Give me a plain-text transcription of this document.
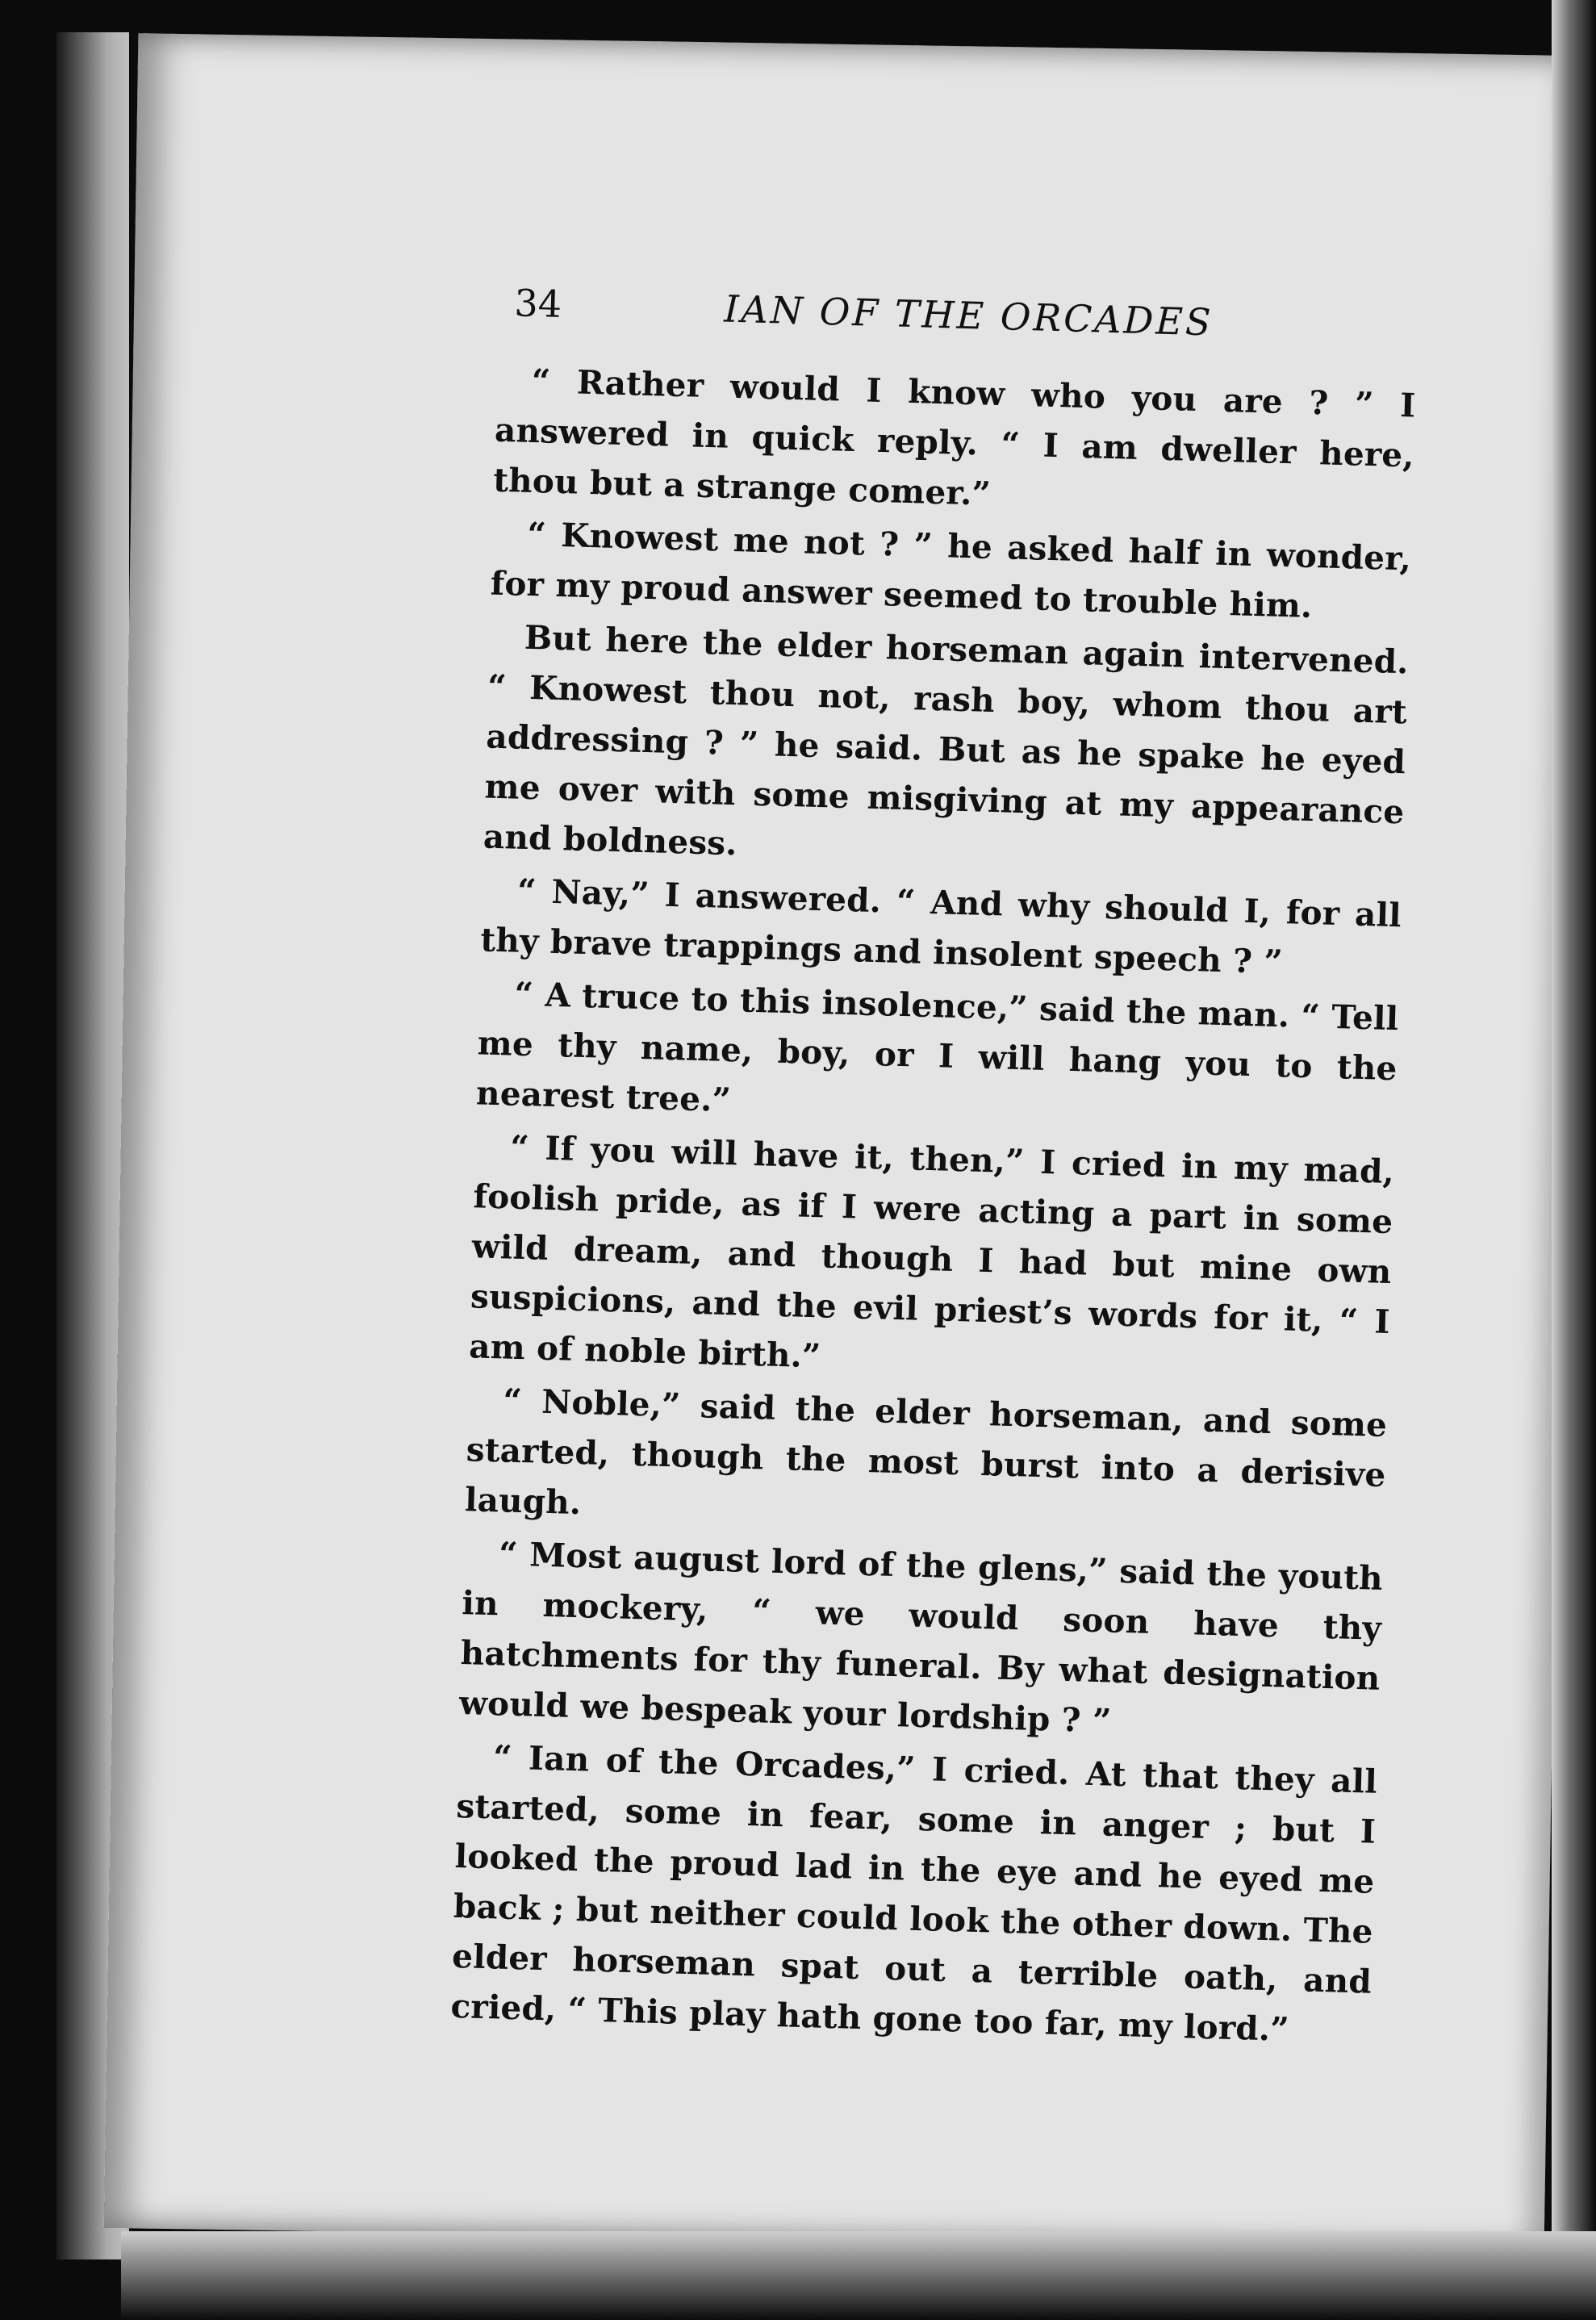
34	IAN OF THE ORCADES

“ Rather would I know who you are ? ” I answered in quick reply. “ I am dweller here, thou but a strange comer.”

“ Knowest me not ? ” he asked half in wonder, for my proud answer seemed to trouble him.

But here the elder horseman again intervened. “ Knowest thou not, rash boy, whom thou art addressing ? ” he said. But as he spake he eyed me over with some misgiving at my appearance and boldness.

“ Nay,” I answered. “ And why should I, for all thy brave trappings and insolent speech ? ”

“ A truce to this insolence,” said the man. “ Tell me thy name, boy, or I will hang you to the nearest tree.”

“ If you will have it, then,” I cried in my mad, foolish pride, as if I were acting a part in some wild dream, and though I had but mine own suspicions, and the evil priest’s words for it, “ I am of noble birth.”

“ Noble,” said the elder horseman, and some started, though the most burst into a derisive laugh.

“ Most august lord of the glens,” said the youth in mockery, “ we would soon have thy hatchments for thy funeral. By what designation would we bespeak your lordship ? ”

“ Ian of the Orcades,” I cried. At that they all started, some in fear, some in anger ; but I looked the proud lad in the eye and he eyed me back ; but neither could look the other down. The elder horseman spat out a terrible oath, and cried, “ This play hath gone too far, my lord.”
